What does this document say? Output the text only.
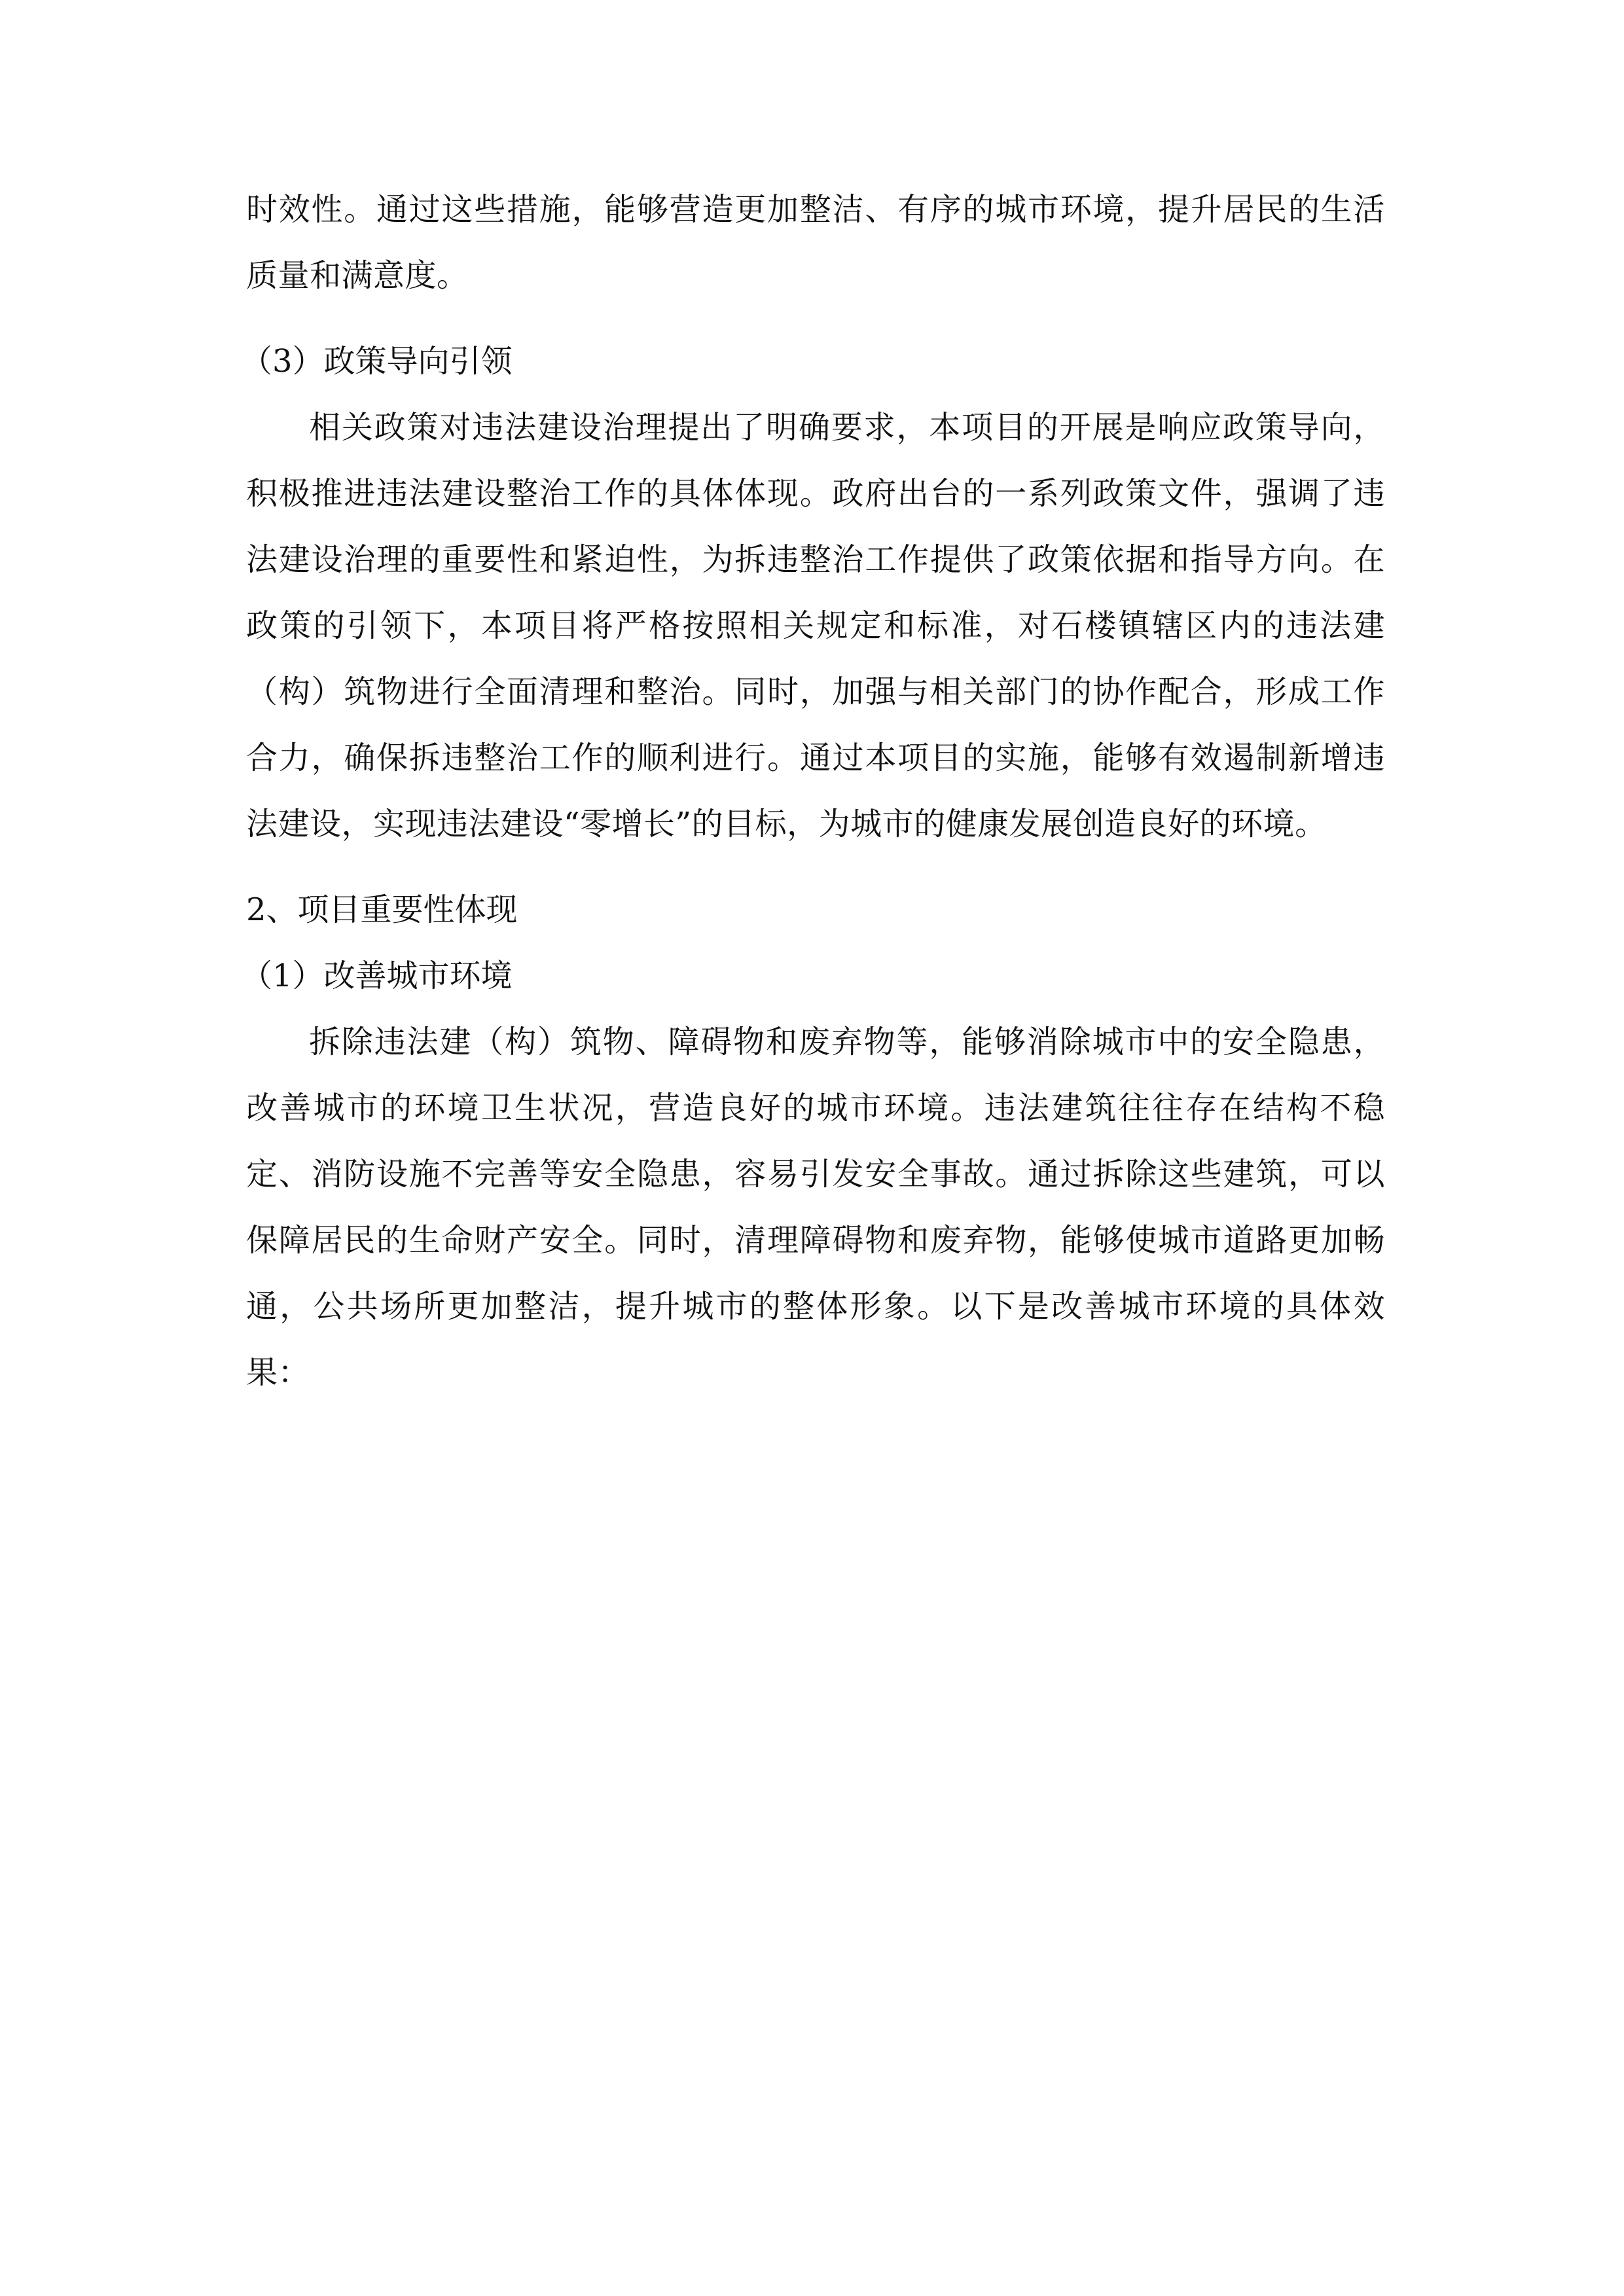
时效性。通过这些措施，能够营造更加整洁、有序的城市环境，提升居民的生活质量和满意度。

（3）政策导向引领

相关政策对违法建设治理提出了明确要求，本项目的开展是响应政策导向，积极推进违法建设整治工作的具体体现。政府出台的一系列政策文件，强调了违法建设治理的重要性和紧迫性，为拆违整治工作提供了政策依据和指导方向。在政策的引领下，本项目将严格按照相关规定和标准，对石楼镇辖区内的违法建（构）筑物进行全面清理和整治。同时，加强与相关部门的协作配合，形成工作合力，确保拆违整治工作的顺利进行。通过本项目的实施，能够有效遏制新增违法建设，实现违法建设“零增长”的目标，为城市的健康发展创造良好的环境。

2、项目重要性体现

（1）改善城市环境

拆除违法建（构）筑物、障碍物和废弃物等，能够消除城市中的安全隐患，改善城市的环境卫生状况，营造良好的城市环境。违法建筑往往存在结构不稳定、消防设施不完善等安全隐患，容易引发安全事故。通过拆除这些建筑，可以保障居民的生命财产安全。同时，清理障碍物和废弃物，能够使城市道路更加畅通，公共场所更加整洁，提升城市的整体形象。以下是改善城市环境的具体效果：
